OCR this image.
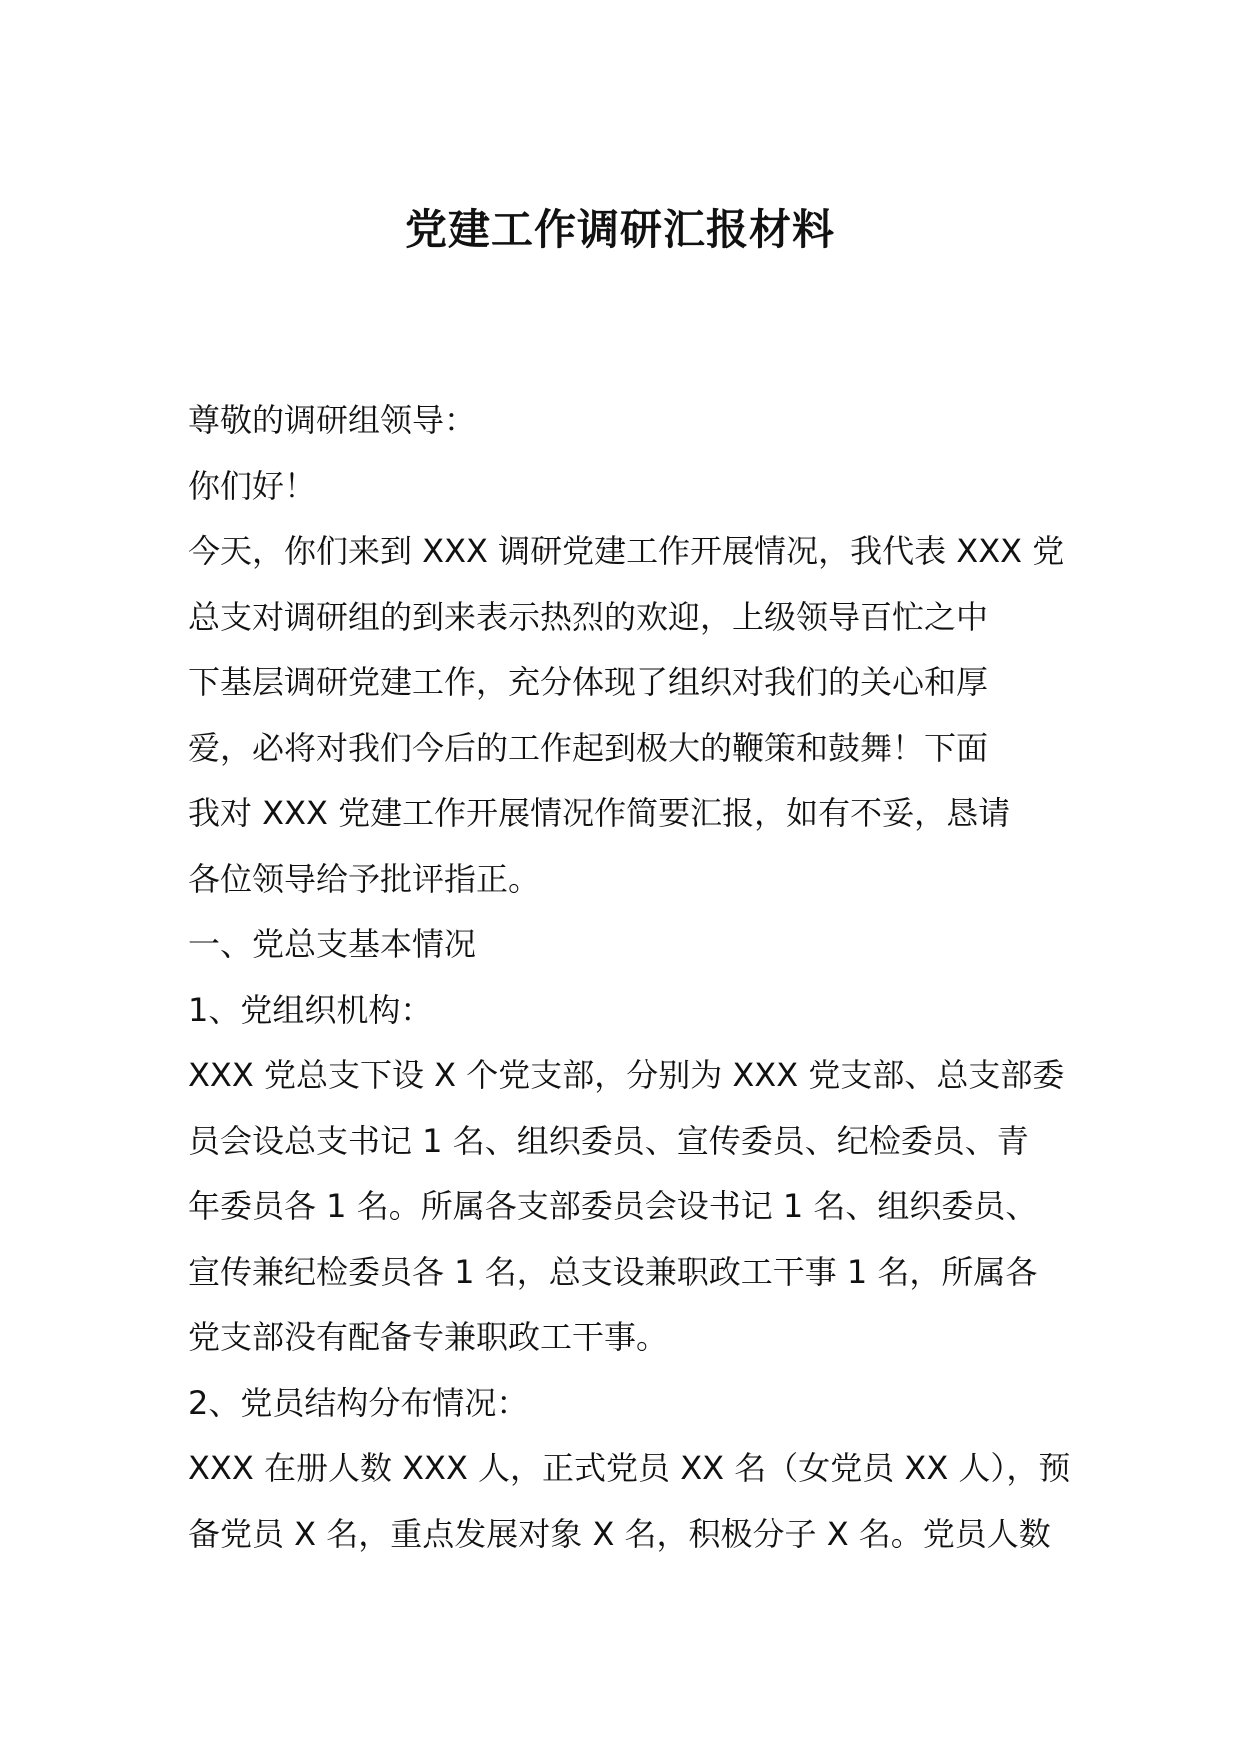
党建工作调研汇报材料

尊敬的调研组领导：

你们好！

今天，你们来到 XXX 调研党建工作开展情况，我代表 XXX 党

总支对调研组的到来表示热烈的欢迎，上级领导百忙之中

下基层调研党建工作，充分体现了组织对我们的关心和厚

爱，必将对我们今后的工作起到极大的鞭策和鼓舞！下面

我对 XXX 党建工作开展情况作简要汇报，如有不妥，恳请

各位领导给予批评指正。

一、党总支基本情况

1、党组织机构：

XXX 党总支下设 X 个党支部，分别为 XXX 党支部、总支部委

员会设总支书记 1 名、组织委员、宣传委员、纪检委员、青

年委员各 1 名。所属各支部委员会设书记 1 名、组织委员、

宣传兼纪检委员各 1 名，总支设兼职政工干事 1 名，所属各

党支部没有配备专兼职政工干事。

2、党员结构分布情况：

XXX 在册人数 XXX 人，正式党员 XX 名（女党员 XX 人），预

备党员 X 名，重点发展对象 X 名，积极分子 X 名。党员人数
